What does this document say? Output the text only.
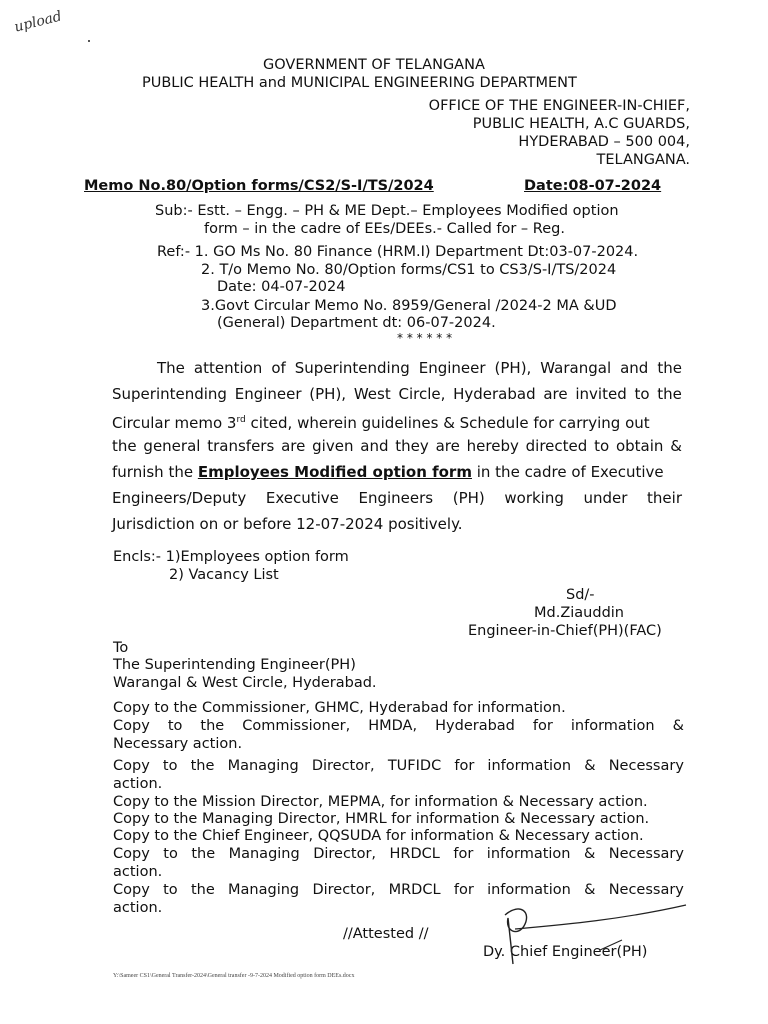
upload
GOVERNMENT OF TELANGANA
PUBLIC HEALTH and MUNICIPAL ENGINEERING DEPARTMENT
OFFICE OF THE ENGINEER-IN-CHIEF,
PUBLIC HEALTH, A.C GUARDS,
HYDERABAD – 500 004,
TELANGANA.
Memo No.80/Option forms/CS2/S-I/TS/2024	Date:08-07-2024
Sub:- Estt. – Engg. – PH & ME Dept.– Employees Modified option
form – in the cadre of EEs/DEEs.- Called for – Reg.
Ref:- 1. GO Ms No. 80 Finance (HRM.I) Department Dt:03-07-2024.
2. T/o Memo No. 80/Option forms/CS1 to CS3/S-I/TS/2024
Date: 04-07-2024
3.Govt Circular Memo No. 8959/General /2024-2 MA &UD
(General) Department dt: 06-07-2024.
* * * * * *
The attention of Superintending Engineer (PH), Warangal and the
Superintending Engineer (PH), West Circle, Hyderabad are invited to the
Circular memo 3rd cited, wherein guidelines & Schedule for carrying out
the general transfers are given and they are hereby directed to obtain &
furnish the Employees Modified option form in the cadre of Executive
Engineers/Deputy Executive Engineers (PH) working under their
Jurisdiction on or before 12-07-2024 positively.
Encls:- 1)Employees option form
2) Vacancy List
Sd/-
Md.Ziauddin
Engineer-in-Chief(PH)(FAC)
To
The Superintending Engineer(PH)
Warangal & West Circle, Hyderabad.
Copy to the Commissioner, GHMC, Hyderabad for information.
Copy to the Commissioner, HMDA, Hyderabad for information &
Necessary action.
Copy to the Managing Director, TUFIDC for information & Necessary
action.
Copy to the Mission Director, MEPMA, for information & Necessary action.
Copy to the Managing Director, HMRL for information & Necessary action.
Copy to the Chief Engineer, QQSUDA for information & Necessary action.
Copy to the Managing Director, HRDCL for information & Necessary
action.
Copy to the Managing Director, MRDCL for information & Necessary
action.
//Attested //
Dy. Chief Engineer(PH)
Y:\Sameer CS1\General Transfer-2024\General transfer -9-7-2024 Modified option form DEEs.docx
